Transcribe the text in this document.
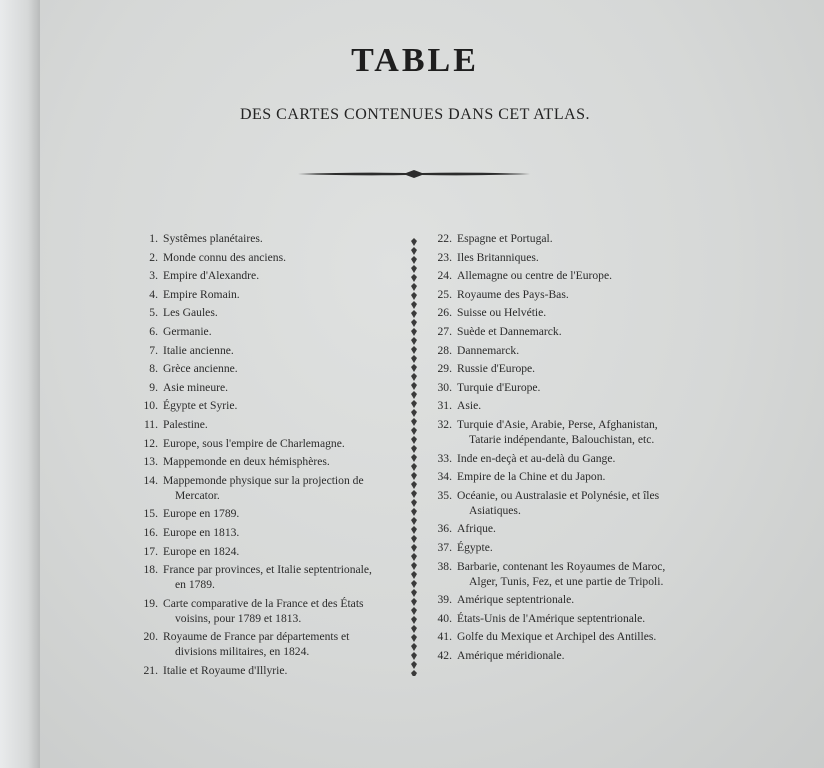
TABLE
DES CARTES CONTENUES DANS CET ATLAS.
1. Systêmes planétaires.
2. Monde connu des anciens.
3. Empire d'Alexandre.
4. Empire Romain.
5. Les Gaules.
6. Germanie.
7. Italie ancienne.
8. Grèce ancienne.
9. Asie mineure.
10. Égypte et Syrie.
11. Palestine.
12. Europe, sous l'empire de Charlemagne.
13. Mappemonde en deux hémisphères.
14. Mappemonde physique sur la projection de
Mercator.
15. Europe en 1789.
16. Europe en 1813.
17. Europe en 1824.
18. France par provinces, et Italie septentrionale,
en 1789.
19. Carte comparative de la France et des États
voisins, pour 1789 et 1813.
20. Royaume de France par départements et
divisions militaires, en 1824.
21. Italie et Royaume d'Illyrie.
22. Espagne et Portugal.
23. Iles Britanniques.
24. Allemagne ou centre de l'Europe.
25. Royaume des Pays-Bas.
26. Suisse ou Helvétie.
27. Suède et Dannemarck.
28. Dannemarck.
29. Russie d'Europe.
30. Turquie d'Europe.
31. Asie.
32. Turquie d'Asie, Arabie, Perse, Afghanistan,
Tatarie indépendante, Balouchistan, etc.
33. Inde en-deçà et au-delà du Gange.
34. Empire de la Chine et du Japon.
35. Océanie, ou Australasie et Polynésie, et îles
Asiatiques.
36. Afrique.
37. Égypte.
38. Barbarie, contenant les Royaumes de Maroc,
Alger, Tunis, Fez, et une partie de Tripoli.
39. Amérique septentrionale.
40. États-Unis de l'Amérique septentrionale.
41. Golfe du Mexique et Archipel des Antilles.
42. Amérique méridionale.
